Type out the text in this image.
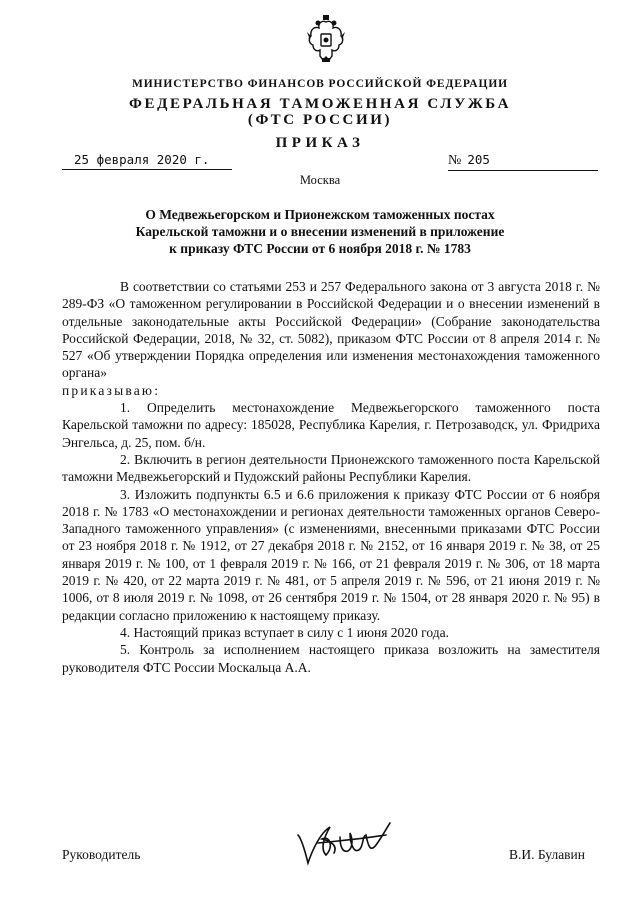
МИНИСТЕРСТВО ФИНАНСОВ РОССИЙСКОЙ ФЕДЕРАЦИИ
ФЕДЕРАЛЬНАЯ ТАМОЖЕННАЯ СЛУЖБА
(ФТС РОССИИ)
ПРИКАЗ
25 февраля 2020 г.	№ 205
Москва
О Медвежьегорском и Прионежском таможенных постах
Карельской таможни и о внесении изменений в приложение
к приказу ФТС России от 6 ноября 2018 г. № 1783

В соответствии со статьями 253 и 257 Федерального закона от 3 августа 2018 г. № 289-ФЗ «О таможенном регулировании в Российской Федерации и о внесении изменений в отдельные законодательные акты Российской Федерации» (Собрание законодательства Российской Федерации, 2018, № 32, ст. 5082), приказом ФТС России от 8 апреля 2014 г. № 527 «Об утверждении Порядка определения или изменения местонахождения таможенного органа»

приказываю:

1. Определить местонахождение Медвежьегорского таможенного поста Карельской таможни по адресу: 185028, Республика Карелия, г. Петрозаводск, ул. Фридриха Энгельса, д. 25, пом. б/н.

2. Включить в регион деятельности Прионежского таможенного поста Карельской таможни Медвежьегорский и Пудожский районы Республики Карелия.

3. Изложить подпункты 6.5 и 6.6 приложения к приказу ФТС России от 6 ноября 2018 г. № 1783 «О местонахождении и регионах деятельности таможенных органов Северо-Западного таможенного управления» (с изменениями, внесенными приказами ФТС России от 23 ноября 2018 г. № 1912, от 27 декабря 2018 г. № 2152, от 16 января 2019 г. № 38, от 25 января 2019 г. № 100, от 1 февраля 2019 г. № 166, от 21 февраля 2019 г. № 306, от 18 марта 2019 г. № 420, от 22 марта 2019 г. № 481, от 5 апреля 2019 г. № 596, от 21 июня 2019 г. № 1006, от 8 июля 2019 г. № 1098, от 26 сентября 2019 г. № 1504, от 28 января 2020 г. № 95) в редакции согласно приложению к настоящему приказу.

4. Настоящий приказ вступает в силу с 1 июня 2020 года.

5. Контроль за исполнением настоящего приказа возложить на заместителя руководителя ФТС России Москальца А.А.

Руководитель	В.И. Булавин
